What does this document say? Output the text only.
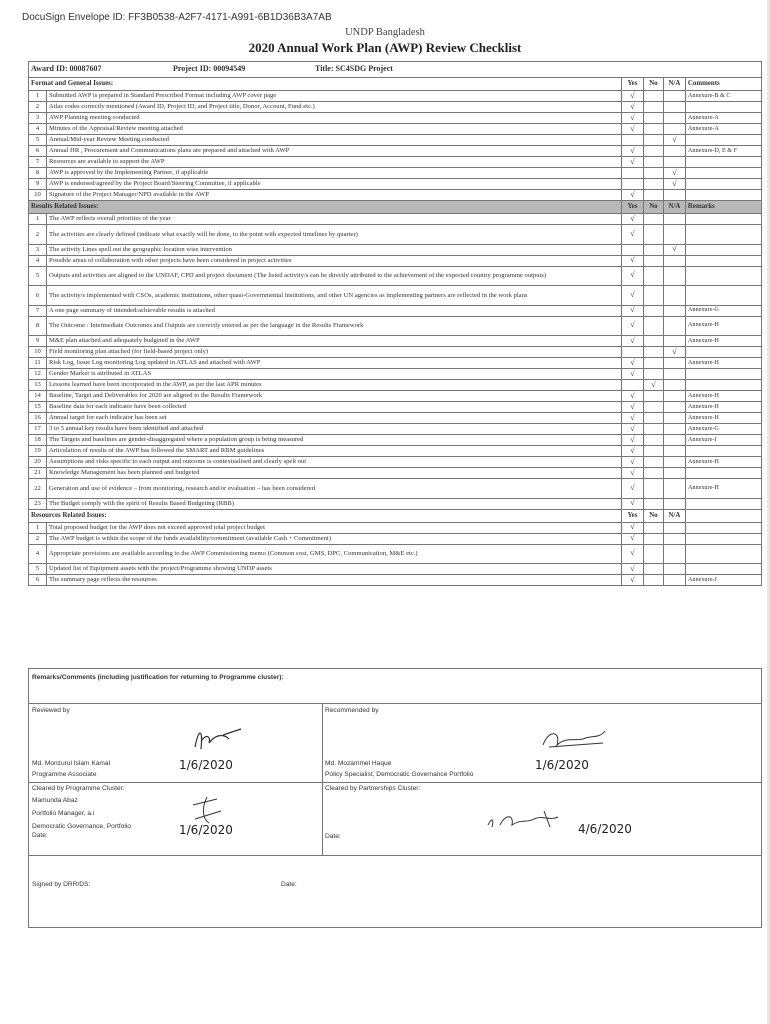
DocuSign Envelope ID: FF3B0538-A2F7-4171-A991-6B1D36B3A7AB
UNDP Bangladesh
2020 Annual Work Plan (AWP) Review Checklist
Award ID: 00087607 Project ID: 00094549 Title: SC4SDG Project					
Format and General Issues:		Yes	No	N/A	Comments
1	Submitted AWP is prepared in Standard Prescribed Format including AWP cover page	√			Annexure-B & C
2	Atlas codes correctly mentioned (Award ID, Project ID, and Project title, Donor, Account, Fund etc.)	√			
3	AWP Planning meeting conducted	√			Annexure-A
4	Minutes of the Appraisal/Review meeting attached	√			Annexure-A
5	Annual/Mid-year Review Meeting conducted			√	
6	Annual HR , Procurement and Communications plans are prepared and attached with AWP	√			Annexure-D, E & F
7	Resources are available to support the AWP	√			
8	AWP is approved by the Implementing Partner, if applicable			√	
9	AWP is endorsed/agreed by the Project Board/Steering Committee, if applicable			√	
10	Signature of the Project Manager/NPD available in the AWP	√			
Results Related Issues:		Yes	No	N/A	Remarks
1	The AWP reflects overall priorities of the year	√			
2	The activities are clearly defined (indicate what exactly will be done, to the point with expected timelines by quarter)	√			
3	The activity Lines spell out the geographic location wise intervention			√	
4	Possible areas of collaboration with other projects have been considered in project activities	√			
5	Outputs and activities are aligned to the UNDAF, CPD and project document (The listed activity/s can be directly attributed to the achievement of the expected country programme outputs)	√			
6	The activity/s implemented with CSOs, academic institutions, other quasi-Governmental institutions, and other UN agencies as implementing partners are reflected in the work plans	√			
7	A one page summary of intended/achievable results is attached	√			Annexure-G
8	The Outcome / Intermediate Outcomes and Outputs are correctly entered as per the language in the Results Framework	√			Annexure-H
9	M&E plan attached and adequately budgeted in the AWP	√			Annexure-H
10	Field monitoring plan attached (for field-based project only)			√	
11	Risk Log, Issue Log monitoring Log updated in ATLAS and attached with AWP	√			Annexure-H
12	Gender Marker is attributed in ATLAS	√			
13	Lessons learned have been incorporated in the AWP, as per the last APR minutes		√		
14	Baseline, Target and Deliverables for 2020 are aligned to the Results Framework	√			Annexure-H
15	Baseline data for each indicator have been collected	√			Annexure-H
16	Annual target for each indicator has been set	√			Annexure-H
17	3 to 5 annual key results have been identified and attached	√			Annexure-G
18	The Targets and baselines are gender-disaggregated where a population group is being measured	√			Annexure-I
19	Articulation of results of the AWP has followed the SMART and RBM guidelines	√			
20	Assumptions and risks specific to each output and outcome is contextualised and clearly spelt out	√			Annexure-H
21	Knowledge Management has been planned and budgeted	√			
22	Generation and use of evidence – from monitoring, research and/or evaluation – has been considered	√			Annexure-H
23	The Budget comply with the spirit of Results Based Budgeting (RBB)	√			
Resources Related Issues:		Yes	No	N/A	
1	Total proposed budget for the AWP does not exceed approved total project budget	√			
2	The AWP budget is within the scope of the funds availability/commitment (available Cash + Commitment)	√			
4	Appropriate provisions are available according to the AWP Commissioning memo (Common cost, GMS, DPC, Communication, M&E etc.)	√			
5	Updated list of Equipment assets with the project/Programme showing UNDP assets	√			
6	The summary page reflects the resources	√			Annexure-J
Remarks/Comments (including justification for returning to Programme cluster):
Reviewed by	Recommended by
Md. Monzurul Islam Kamal
Programme Associate
1/6/2020	Md. Mozammel Haque
Policy Specialist, Democratic Governance Portfolio
1/6/2020
Cleared by Programme Cluster:
Mamunda Abaz
Portfolio Manager, a.i
Democratic Governance, Portfolio
Date:	1/6/2020
Cleared by Partnerships Cluster:
4/6/2020
Date:
Signed by DRR/DS:	Date:
